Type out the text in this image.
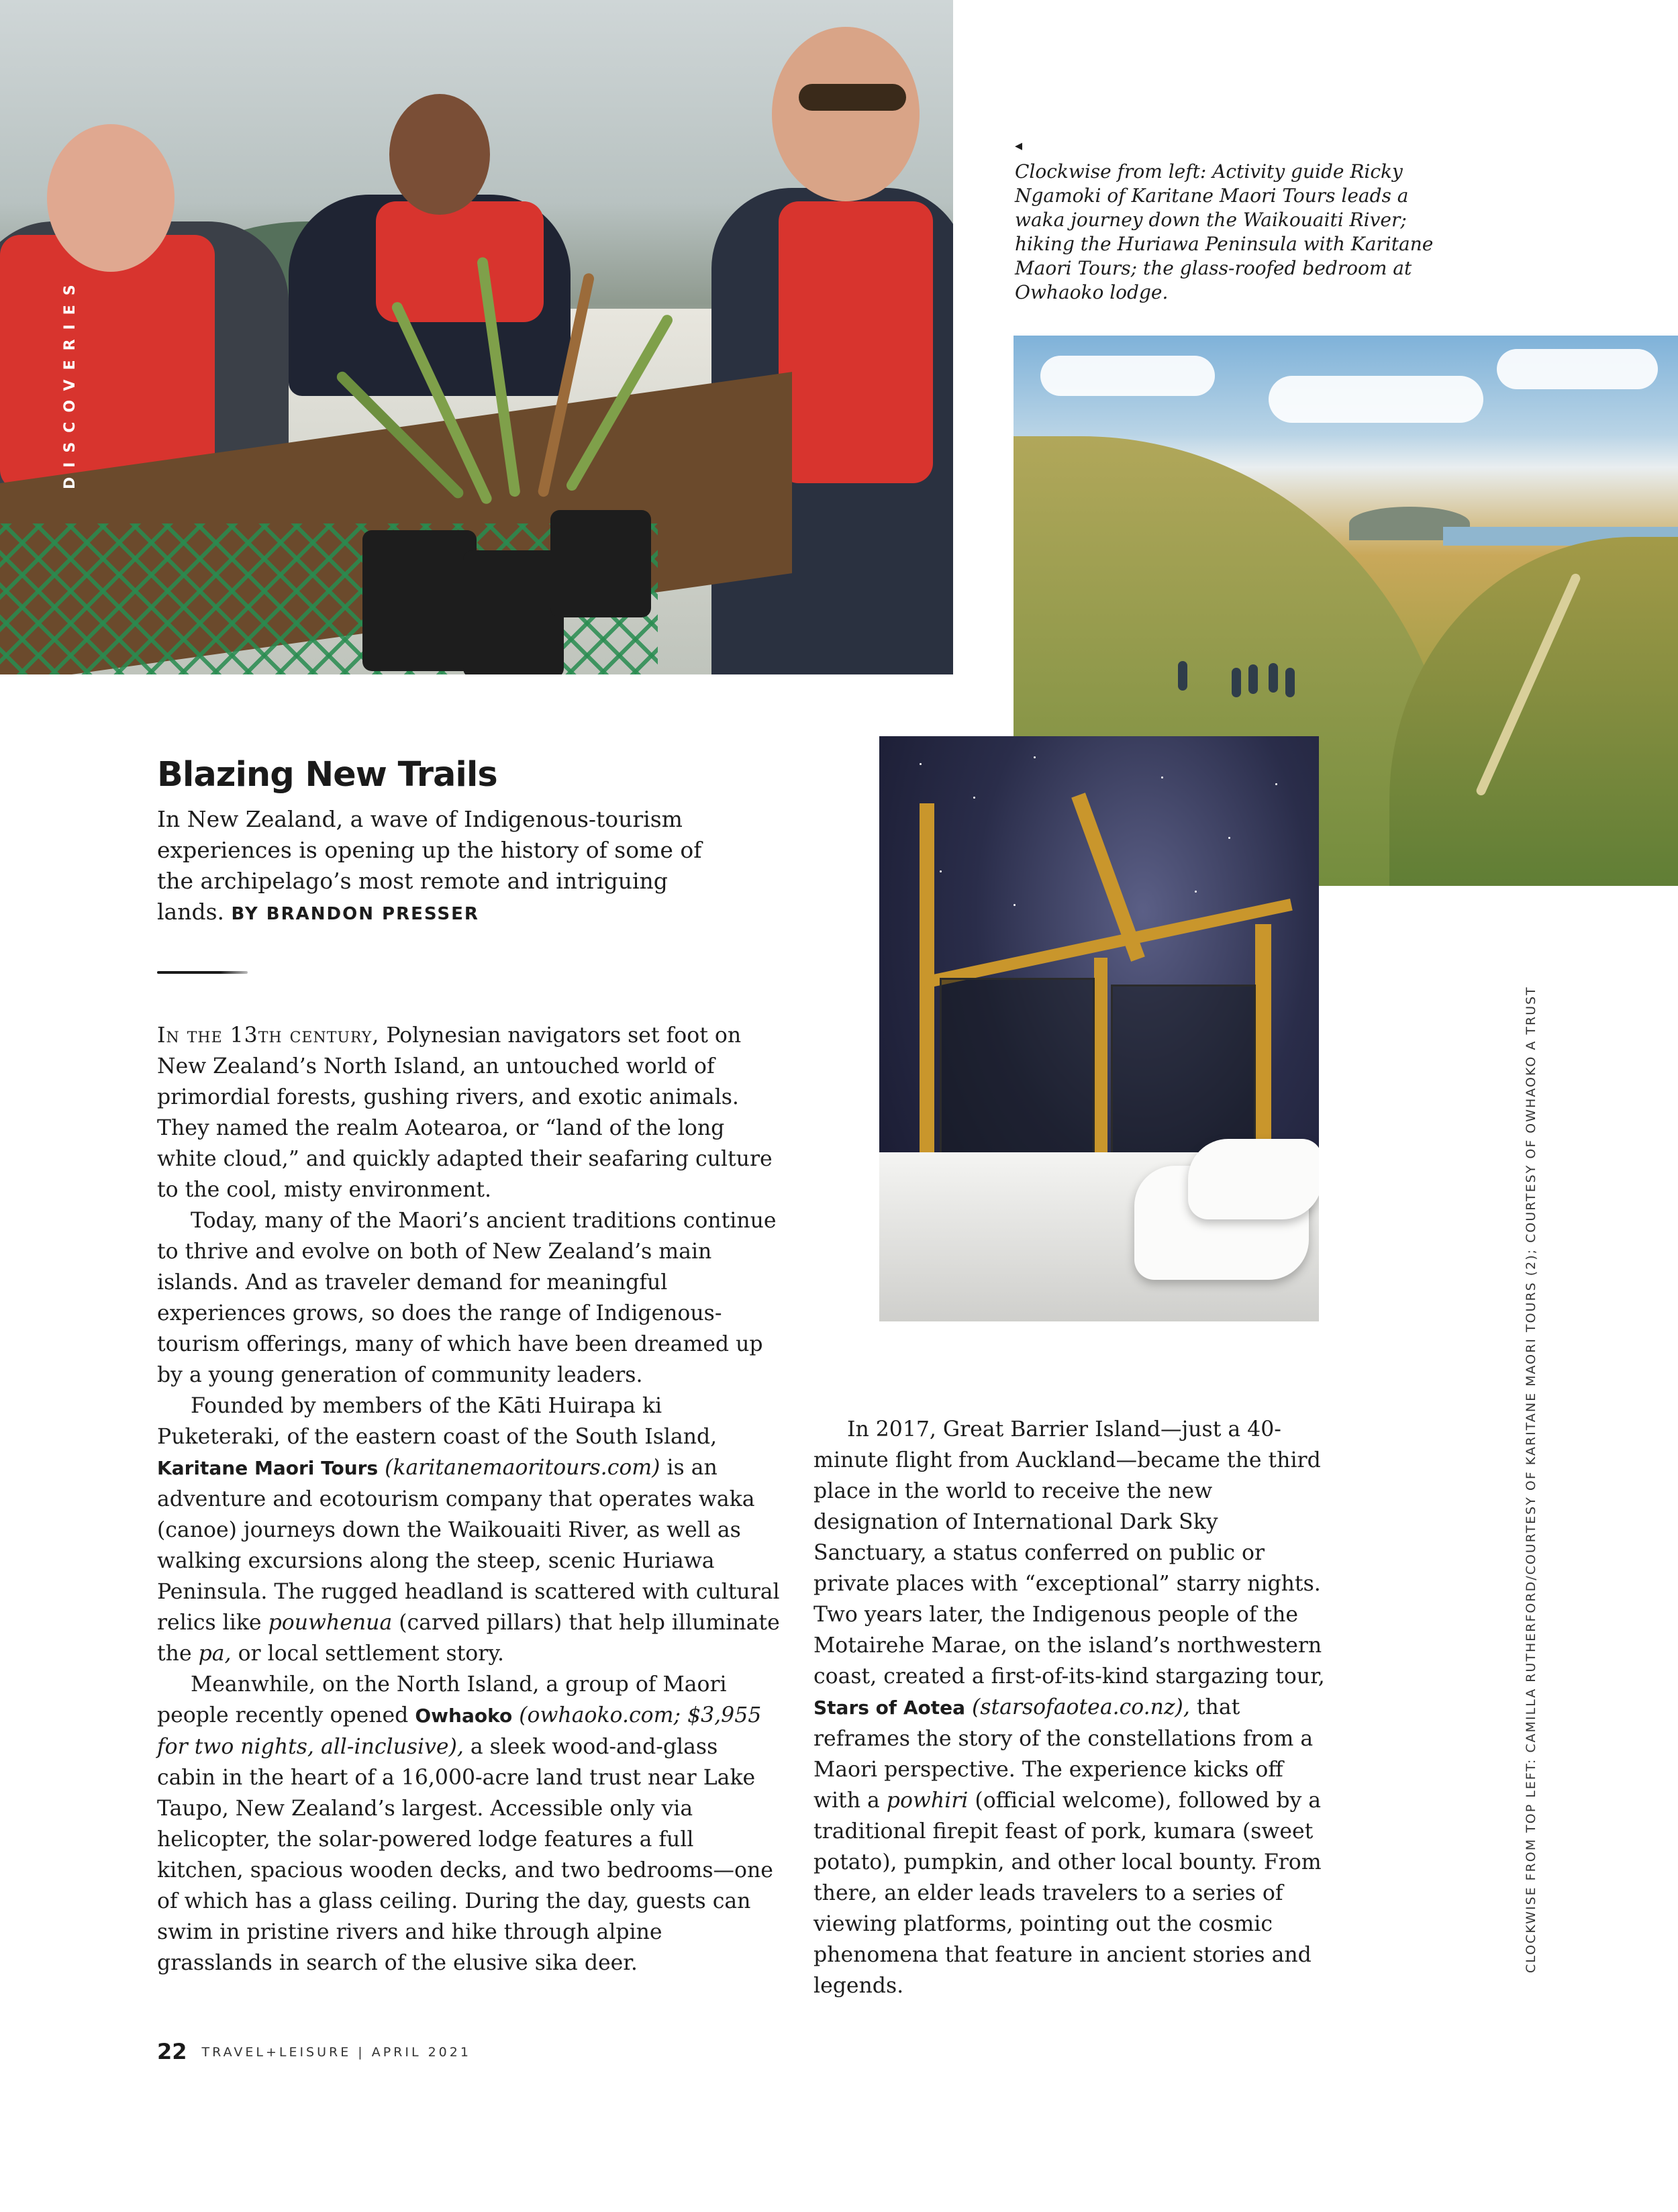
DISCOVERIES
◂
Clockwise from left: Activity guide Ricky Ngamoki of Karitane Maori Tours leads a waka journey down the Waikouaiti River; hiking the Huriawa Peninsula with Karitane Maori Tours; the glass-roofed bedroom at Owhaoko lodge.
Blazing New Trails
In New Zealand, a wave of Indigenous-tourism experiences is opening up the history of some of the archipelago’s most remote and intriguing lands. BY BRANDON PRESSER

In the 13th century, Polynesian navigators set foot on New Zealand’s North Island, an untouched world of primordial forests, gushing rivers, and exotic animals. They named the realm Aotearoa, or “land of the long white cloud,” and quickly adapted their seafaring culture to the cool, misty environment.

Today, many of the Maori’s ancient traditions continue to thrive and evolve on both of New Zealand’s main islands. And as traveler demand for meaningful experiences grows, so does the range of Indigenous-tourism offerings, many of which have been dreamed up by a young generation of community leaders.

Founded by members of the Kāti Huirapa ki Puketeraki, of the eastern coast of the South Island, Karitane Maori Tours (karitanemaoritours.com) is an adventure and ecotourism company that operates waka (canoe) journeys down the Waikouaiti River, as well as walking excursions along the steep, scenic Huriawa Peninsula. The rugged headland is scattered with cultural relics like pouwhenua (carved pillars) that help illuminate the pa, or local settlement story.

Meanwhile, on the North Island, a group of Maori people recently opened Owhaoko (owhaoko.com; $3,955 for two nights, all-inclusive), a sleek wood-and-glass cabin in the heart of a 16,000-acre land trust near Lake Taupo, New Zealand’s largest. Accessible only via helicopter, the solar-powered lodge features a full kitchen, spacious wooden decks, and two bedrooms—one of which has a glass ceiling. During the day, guests can swim in pristine rivers and hike through alpine grasslands in search of the elusive sika deer.

In 2017, Great Barrier Island—just a 40-minute flight from Auckland—became the third place in the world to receive the new designation of International Dark Sky Sanctuary, a status conferred on public or private places with “exceptional” starry nights. Two years later, the Indigenous people of the Motairehe Marae, on the island’s northwestern coast, created a first-of-its-kind stargazing tour, Stars of Aotea (starsofaotea.co.nz), that reframes the story of the constellations from a Maori perspective. The experience kicks off with a powhiri (official welcome), followed by a traditional firepit feast of pork, kumara (sweet potato), pumpkin, and other local bounty. From there, an elder leads travelers to a series of viewing platforms, pointing out the cosmic phenomena that feature in ancient stories and legends.

CLOCKWISE FROM TOP LEFT: CAMILLA RUTHERFORD/COURTESY OF KARITANE MAORI TOURS (2); COURTESY OF OWHAOKO A TRUST
22 TRAVEL+LEISURE | APRIL 2021
